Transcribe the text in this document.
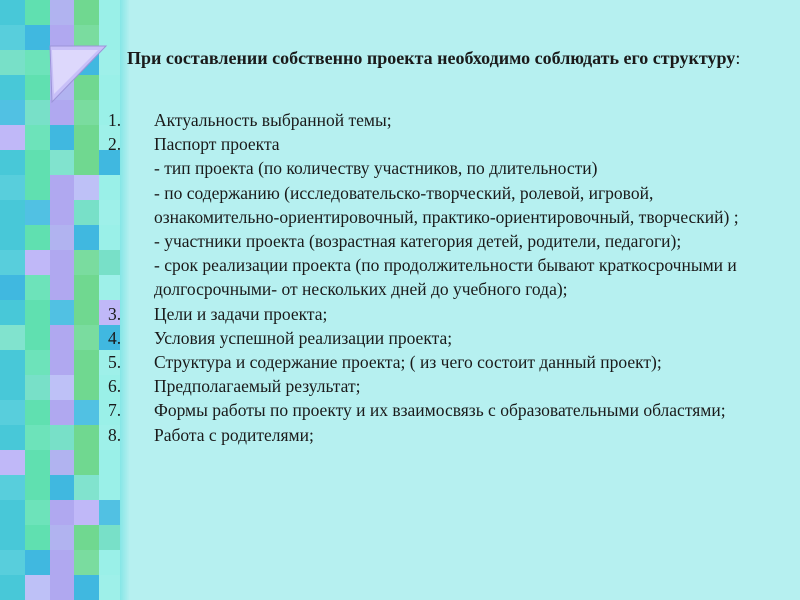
При составлении собственно проекта необходимо соблюдать его структуру:
1. Актуальность выбранной темы;
2. Паспорт проекта
- тип проекта (по количеству участников, по длительности)
- по содержанию (исследовательско-творческий, ролевой, игровой, ознакомительно-ориентировочный, практико-ориентировочный, творческий) ;
- участники проекта (возрастная категория детей, родители, педагоги);
- срок реализации проекта (по продолжительности бывают краткосрочными и долгосрочными- от нескольких дней до учебного года);
3. Цели и задачи проекта;
4. Условия успешной реализации проекта;
5. Структура и содержание проекта; ( из чего состоит данный проект);
6. Предполагаемый результат;
7. Формы работы по проекту и их взаимосвязь с образовательными областями;
8. Работа с родителями;
